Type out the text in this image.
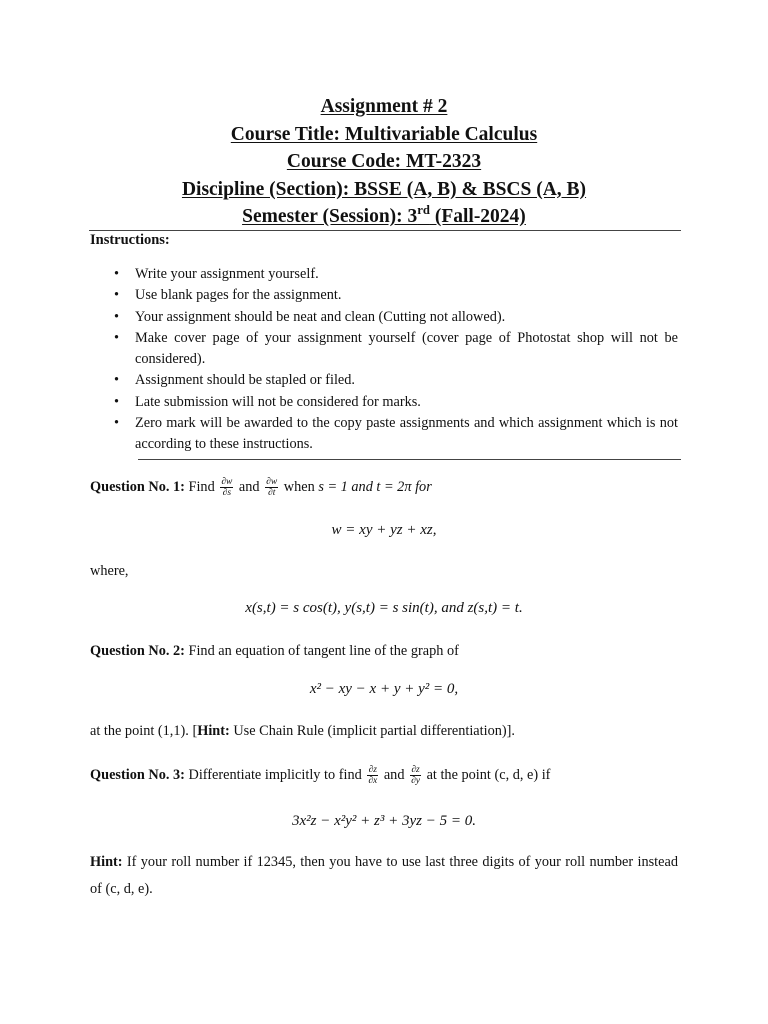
Assignment # 2
Course Title: Multivariable Calculus
Course Code: MT-2323
Discipline (Section): BSSE (A, B) & BSCS (A, B)
Semester (Session): 3rd (Fall-2024)
Instructions:
• Write your assignment yourself.
• Use blank pages for the assignment.
• Your assignment should be neat and clean (Cutting not allowed).
• Make cover page of your assignment yourself (cover page of Photostat shop will not be considered).
• Assignment should be stapled or filed.
• Late submission will not be considered for marks.
• Zero mark will be awarded to the copy paste assignments and which assignment which is not according to these instructions.
Question No. 1: Find $\frac{\partial w}{\partial s}$ and $\frac{\partial w}{\partial t}$ when s = 1 and t = 2π for
w = xy + yz + xz,
where,
x(s,t) = s cos(t), y(s,t) = s sin(t), and z(s,t) = t.
Question No. 2: Find an equation of tangent line of the graph of
x² − xy − x + y + y² = 0,
at the point (1,1). [Hint: Use Chain Rule (implicit partial differentiation)].
Question No. 3: Differentiate implicitly to find $\frac{\partial z}{\partial x}$ and $\frac{\partial z}{\partial y}$ at the point (c, d, e) if
3x²z − x²y² + z³ + 3yz − 5 = 0.
Hint: If your roll number if 12345, then you have to use last three digits of your roll number instead of (c, d, e).
